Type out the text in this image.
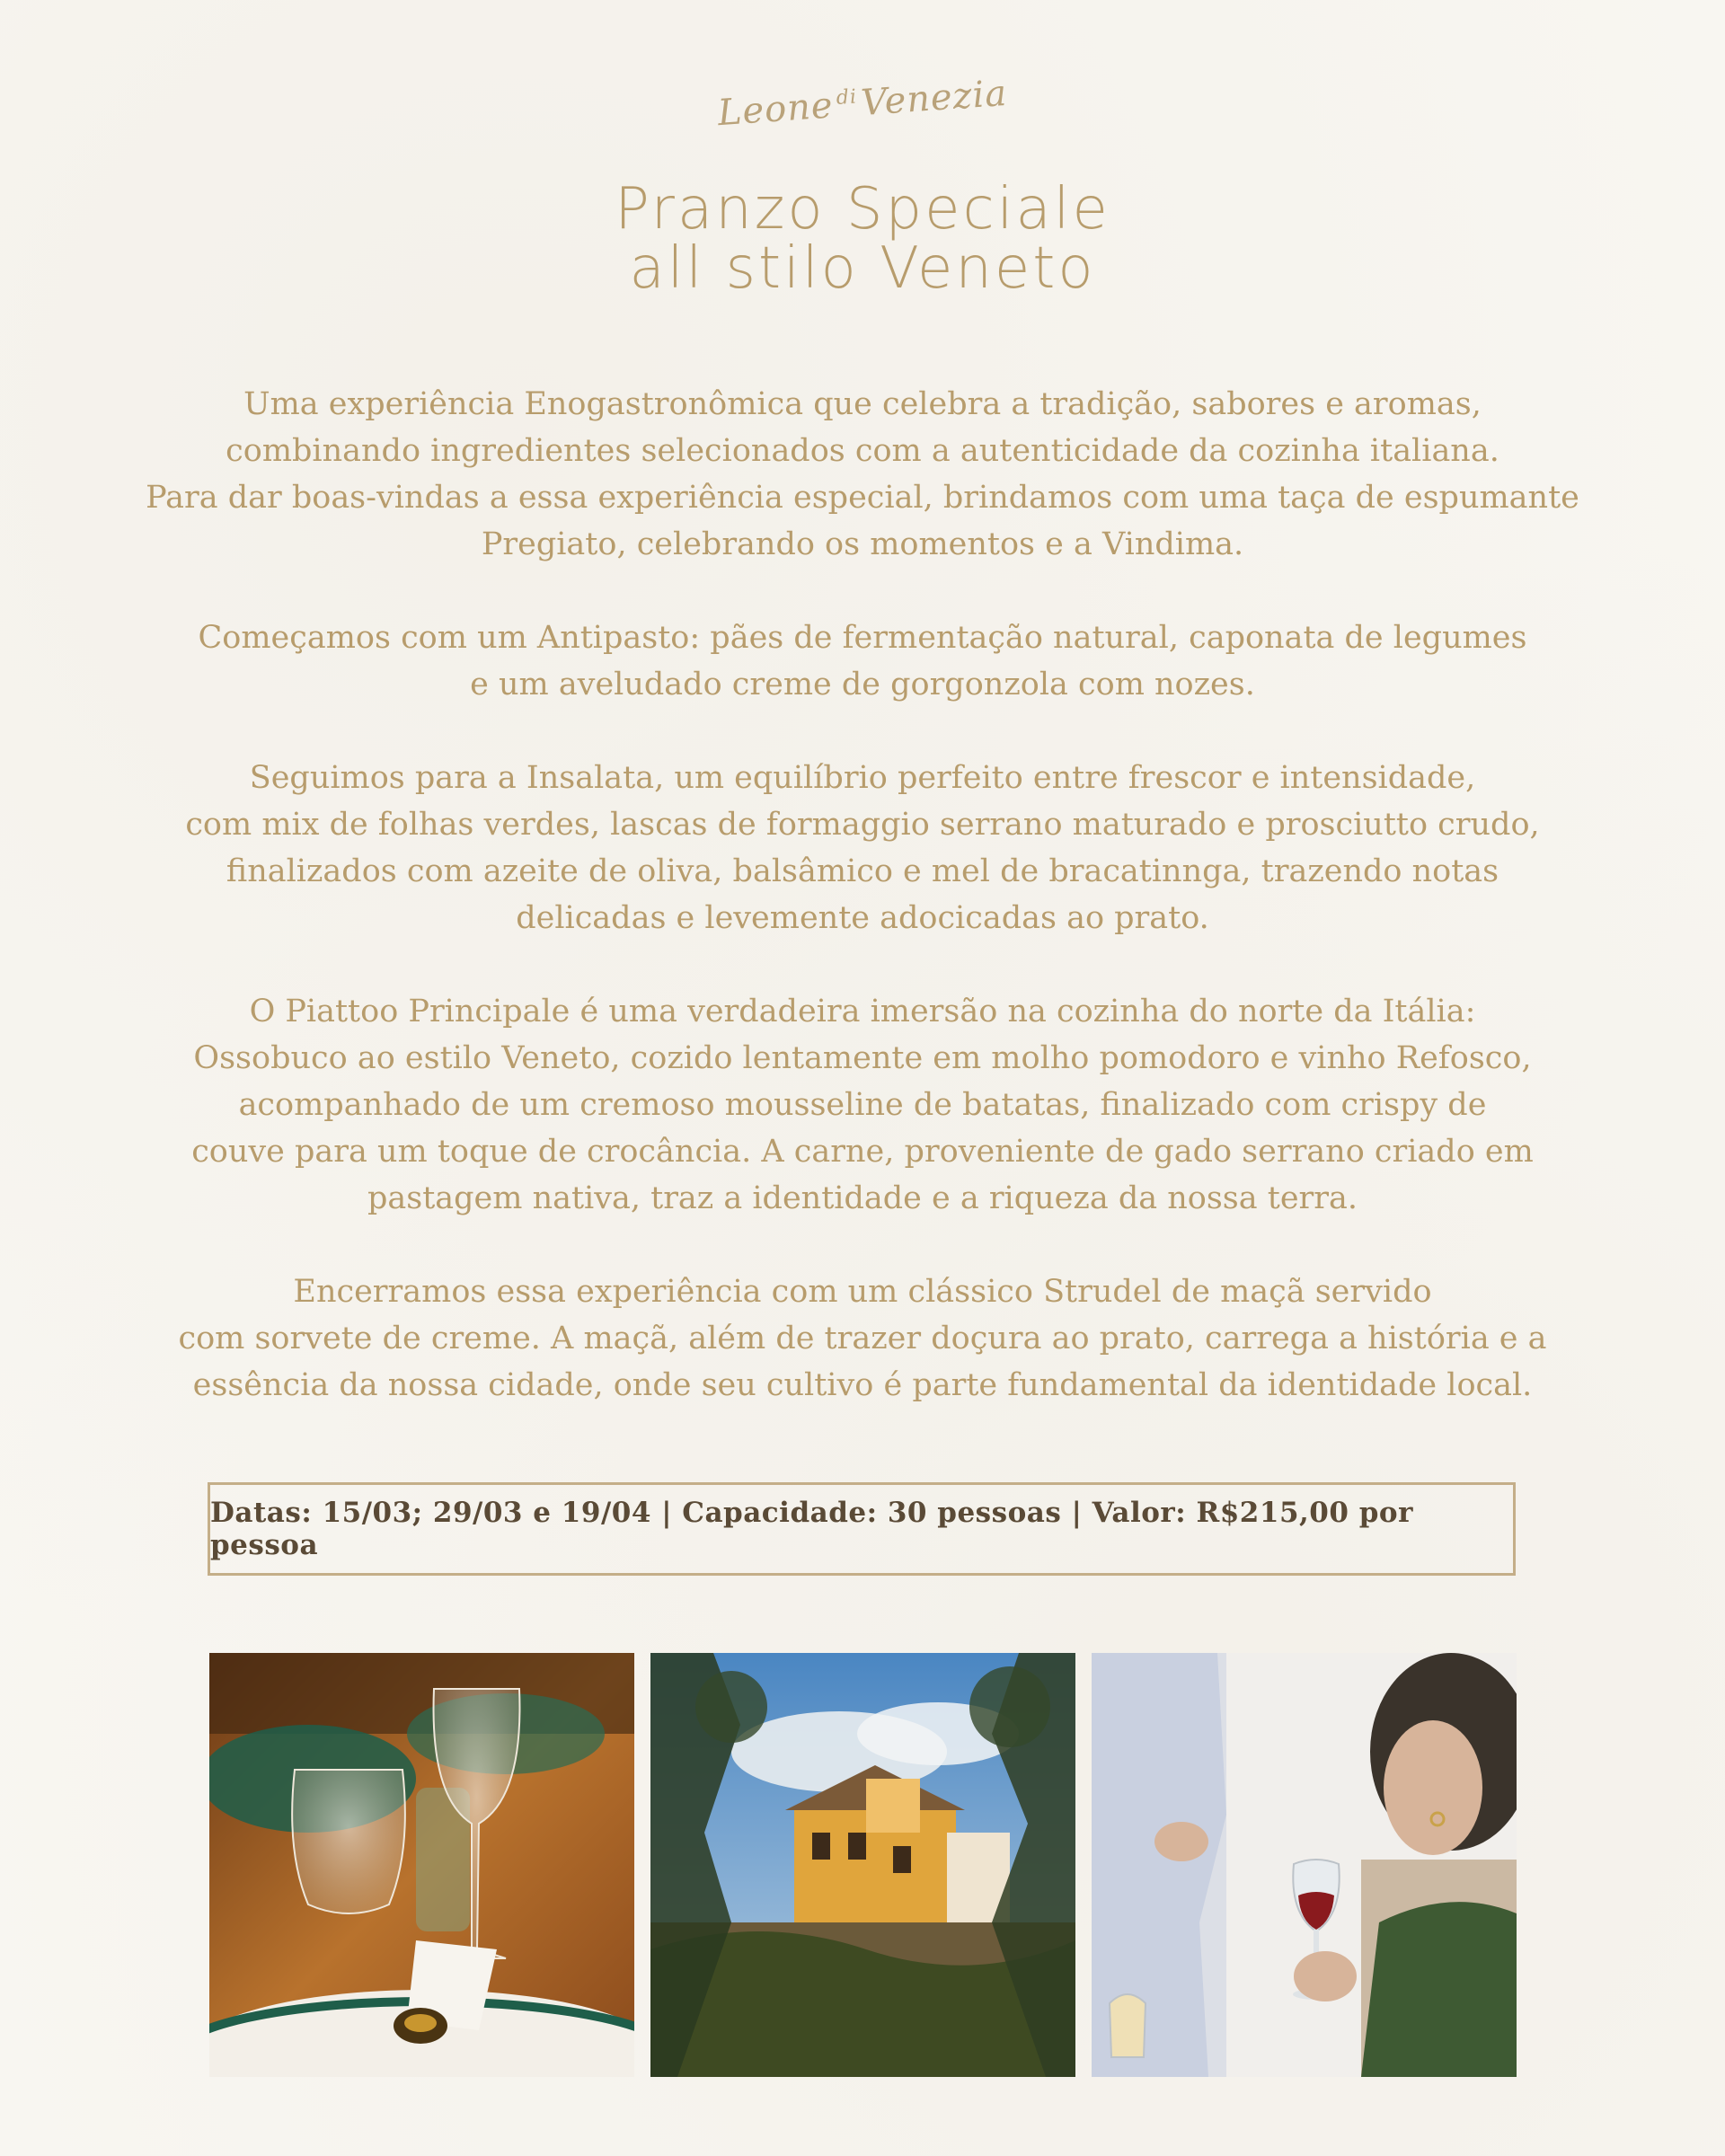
Leone$^{di}$Venezia
Pranzo Speciale
all stilo Veneto

Uma experiência Enogastronômica que celebra a tradição, sabores e aromas,
combinando ingredientes selecionados com a autenticidade da cozinha italiana.
Para dar boas-vindas a essa experiência especial, brindamos com uma taça de espumante
Pregiato, celebrando os momentos e a Vindima.

Começamos com um Antipasto: pães de fermentação natural, caponata de legumes
e um aveludado creme de gorgonzola com nozes.

Seguimos para a Insalata, um equilíbrio perfeito entre frescor e intensidade,
com mix de folhas verdes, lascas de formaggio serrano maturado e prosciutto crudo,
finalizados com azeite de oliva, balsâmico e mel de bracatinnga, trazendo notas
delicadas e levemente adocicadas ao prato.

O Piattoo Principale é uma verdadeira imersão na cozinha do norte da Itália:
Ossobuco ao estilo Veneto, cozido lentamente em molho pomodoro e vinho Refosco,
acompanhado de um cremoso mousseline de batatas, finalizado com crispy de
couve para um toque de crocância. A carne, proveniente de gado serrano criado em
pastagem nativa, traz a identidade e a riqueza da nossa terra.

Encerramos essa experiência com um clássico Strudel de maçã servido
com sorvete de creme. A maçã, além de trazer doçura ao prato, carrega a história e a
essência da nossa cidade, onde seu cultivo é parte fundamental da identidade local.

Datas: 15/03; 29/03 e 19/04 | Capacidade: 30 pessoas | Valor: R$215,00 por pessoa
